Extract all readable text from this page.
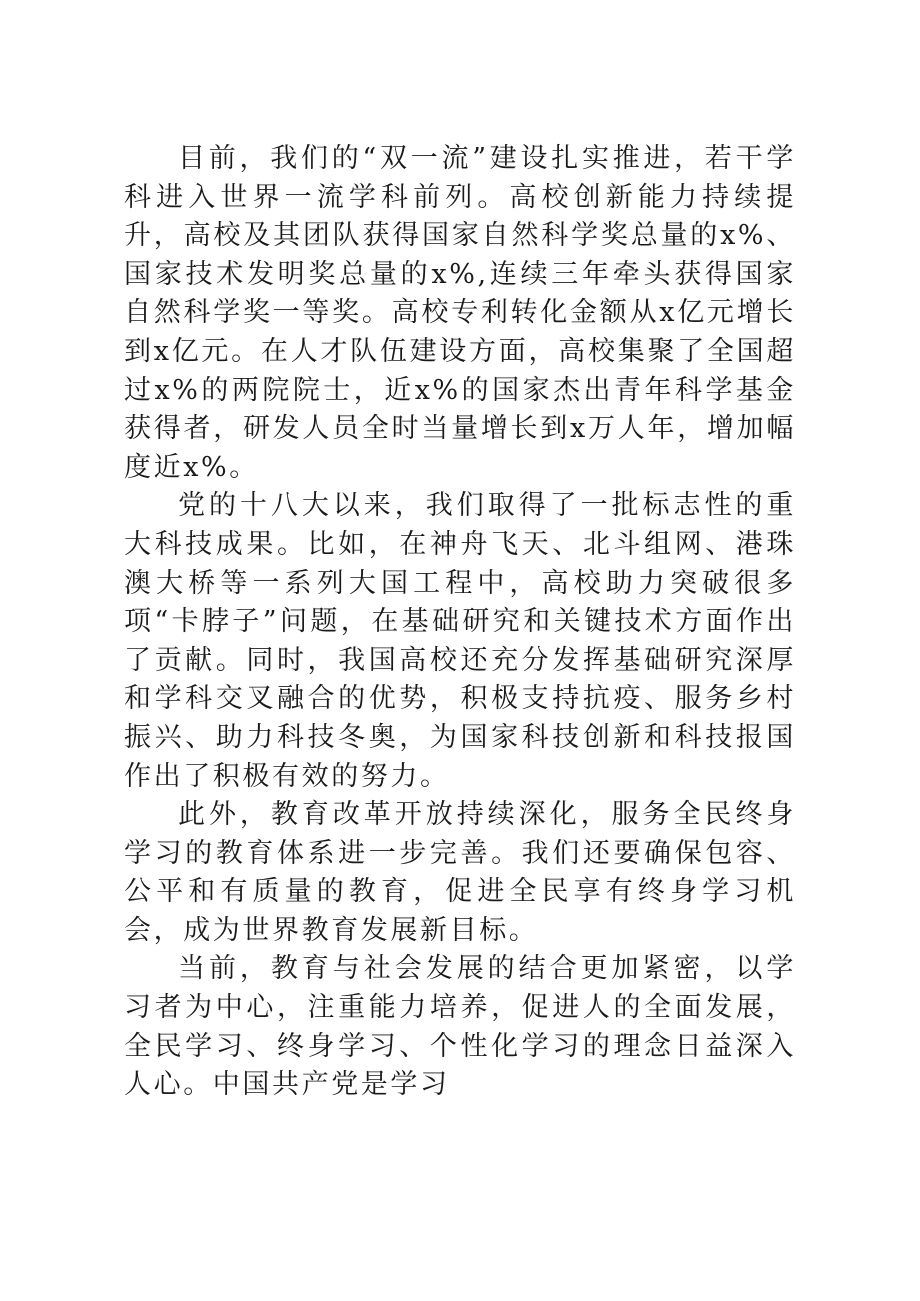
目前，我们的“双一流”建设扎实推进，若干学科进入世界一流学科前列。高校创新能力持续提升，高校及其团队获得国家自然科学奖总量的x%、国家技术发明奖总量的x%,连续三年牵头获得国家自然科学奖一等奖。高校专利转化金额从x亿元增长到x亿元。在人才队伍建设方面，高校集聚了全国超过x%的两院院士，近x%的国家杰出青年科学基金获得者，研发人员全时当量增长到x万人年，增加幅度近x%。

党的十八大以来，我们取得了一批标志性的重大科技成果。比如，在神舟飞天、北斗组网、港珠澳大桥等一系列大国工程中，高校助力突破很多项“卡脖子”问题，在基础研究和关键技术方面作出了贡献。同时，我国高校还充分发挥基础研究深厚和学科交叉融合的优势，积极支持抗疫、服务乡村振兴、助力科技冬奥，为国家科技创新和科技报国作出了积极有效的努力。

此外，教育改革开放持续深化，服务全民终身学习的教育体系进一步完善。我们还要确保包容、公平和有质量的教育，促进全民享有终身学习机会，成为世界教育发展新目标。

当前，教育与社会发展的结合更加紧密，以学习者为中心，注重能力培养，促进人的全面发展，全民学习、终身学习、个性化学习的理念日益深入人心。中国共产党是学习
